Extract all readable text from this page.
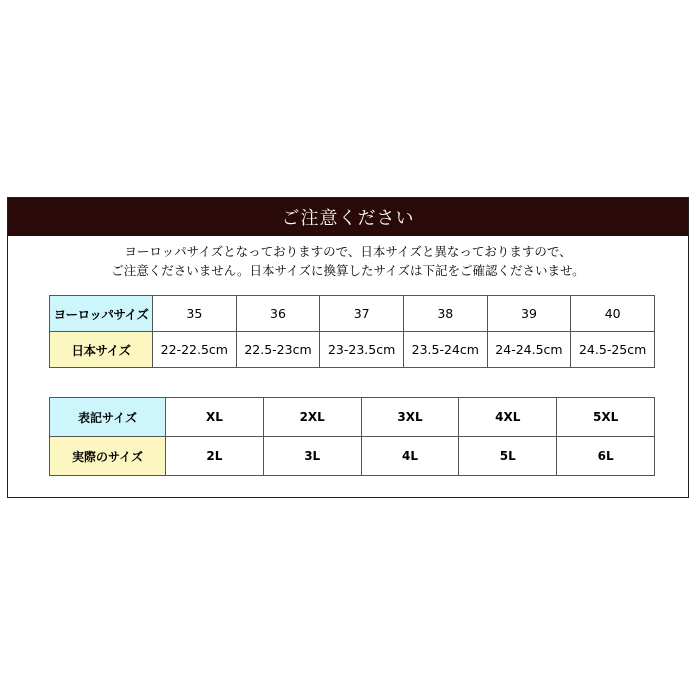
ご注意ください
ヨーロッパサイズとなっておりますので、日本サイズと異なっておりますので、
ご注意くださいません。日本サイズに換算したサイズは下記をご確認くださいませ。
ヨーロッパサイズ	35	36	37	38	39	40
日本サイズ	22-22.5cm	22.5-23cm	23-23.5cm	23.5-24cm	24-24.5cm	24.5-25cm
表記サイズ	XL	2XL	3XL	4XL	5XL
実際のサイズ	2L	3L	4L	5L	6L
